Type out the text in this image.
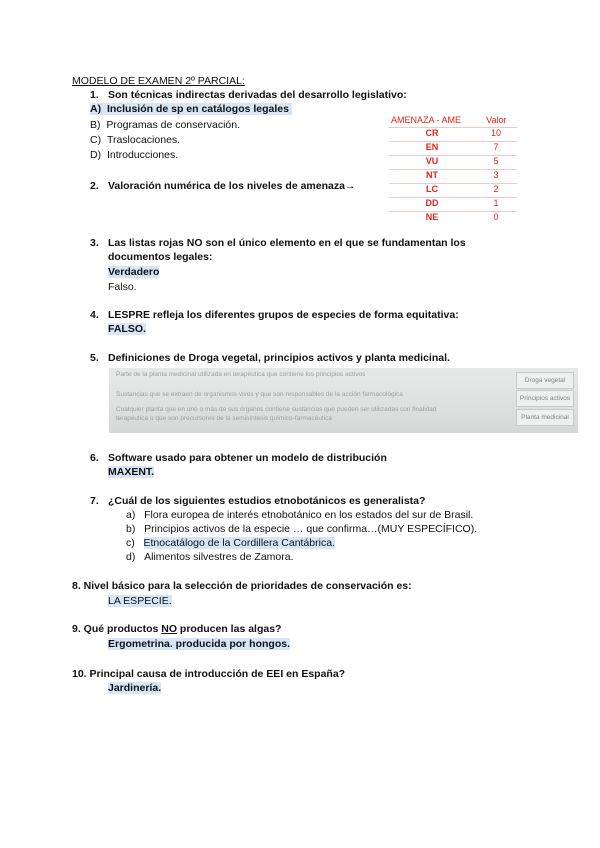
MODELO DE EXAMEN 2º PARCIAL:
1. Son técnicas indirectas derivadas del desarrollo legislativo:
A) Inclusión de sp en catálogos legales
B) Programas de conservación.
C) Traslocaciones.
D) Introducciones.
AMENAZA - AME	Valor
CR	10
EN	7
VU	5
NT	3
LC	2
DD	1
NE	0
2. Valoración numérica de los niveles de amenaza→
3. Las listas rojas NO son el único elemento en el que se fundamentan los
documentos legales:
Verdadero
Falso.
4. LESPRE refleja los diferentes grupos de especies de forma equitativa:
FALSO.
5. Definiciones de Droga vegetal, principios activos y planta medicinal.
Parte de la planta medicinal utilizada en terapéutica que contiene los principios activos
Sustancias que se extraen de organismos vivos y que son responsables de la acción farmacológica
Cualquier planta que en uno o más de sus órganos contiene sustancias que pueden ser utilizadas con finalidad
terapéutica o que son precursores de la semisíntesis químico-farmacéutica
Droga vegetal
Principios activos
Planta medicinal
6. Software usado para obtener un modelo de distribución
MAXENT.
7. ¿Cuál de los siguientes estudios etnobotánicos es generalista?
a) Flora europea de interés etnobotánico en los estados del sur de Brasil.
b) Principios activos de la especie … que confirma…(MUY ESPECÍFICO).
c) Etnocatálogo de la Cordillera Cantábrica.
d) Alimentos silvestres de Zamora.
8. Nivel básico para la selección de prioridades de conservación es:
LA ESPECIE.
9. Qué productos NO producen las algas?
Ergometrina. producida por hongos.
10. Principal causa de introducción de EEI en España?
Jardinería.
